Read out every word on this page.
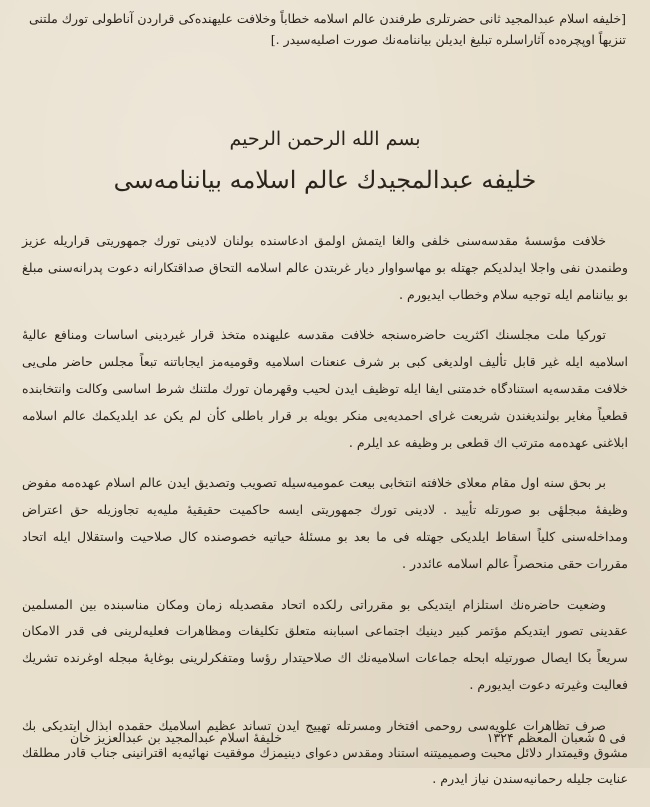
[خلیفه اسلام عبدالمجید ثانی حضرتلری طرفندن عالم اسلامه خطاباً وخلافت علیهنده‌کی قراردن آناطولی تورك ملتنی

تنزیهاً اوپچره‌ده آثاراسلره تبلیغ ایدیلن بیاننامه‌نك صورت اصلیه‌سیدر .]

بسم الله الرحمن الرحیم
خلیفه عبدالمجیدك عالم اسلامه بیاننامه‌سی

خلافت مؤسسهٔ مقدسه‌سنی خلفی والغا ایتمش اولمق ادعاسنده بولنان لادینی تورك جمهوریتی قراریله عزیز وطنمدن نفی واجلا ایدلدیکم جهتله بو مهاسواوار دیار غربتدن عالم اسلامه التحاق صداقتکارانه دعوت پدرانه‌سنی مبلغ بو بیاننامم ایله توجیه سلام وخطاب ایدیورم .

تورکیا ملت مجلسنك اکثریت حاضره‌سنجه خلافت مقدسه علیهنده متخذ قرار غیردینی اساسات ومنافع عالیهٔ اسلامیه ایله غیر قابل تألیف اولدیغی کبی بر شرف عنعنات اسلامیه وقومیه‌مز ایجاباتنه تبعاً مجلس حاضر ملی‌یی خلافت مقدسه‌یه استنادگاه خدمتنی ایفا ایله توظیف ایدن لحیب وقهرمان تورك ملتنك شرط اساسی وکالت وانتخابنده قطعیاً مغایر بولندیغندن شریعت غرای احمدیه‌یی منکر بویله بر قرار باطلی کأن لم یکن عد ایلدیکمك عالم اسلامه ابلاغنی عهده‌مه مترتب اك قطعی بر وظیفه عد ایلرم .

بر بحق سنه اول مقام معلای خلافته انتخابی بیعت عمومیه‌سیله تصویب وتصدیق ایدن عالم اسلام عهده‌مه مفوض وظیفهٔ مبجلهٔی بو صورتله تأیید . لادینی تورك جمهوریتی ایسه حاکمیت حقیقیهٔ ملیه‌یه تجاوزیله حق اعتراض ومداخله‌سنی کلیاً اسقاط ایلدیکی جهتله فی ما بعد بو مسئلهٔ حیاتیه خصوصنده کال صلاحیت واستقلال ایله اتحاد مقررات حقی منحصراً عالم اسلامه عائددر .

وضعیت حاضره‌نك استلزام ایتدیکی بو مقرراتی رلکده اتحاد مقصدیله زمان ومکان مناسبنده بین المسلمین عقدینی تصور ایتدیکم مؤتمر کبیر دینیك اجتماعی اسبابنه متعلق تکلیفات ومظاهرات فعلیه‌لرینی فی قدر الامکان سریعاً بکا ایصال صورتیله ابحله جماعات اسلامیه‌نك اك صلاحیتدار رؤسا ومتفکرلرینی بوغایهٔ مبجله اوغرنده تشریك فعالیت وغیرته دعوت ایدیورم .

صرف تظاهرات علویه‌سی روحمی افتخار ومسرتله تهییج ایدن تساند عظیم اسلامیك حقمده ابذال ایتدیکی بك مشوق وقیمتدار دلائل محبت وصمیمیتنه استناد ومقدس دعوای دینیمزك موفقیت نهائیه‌یه اقترانینی جناب قادر مطلقك عنایت جلیله رحمانیه‌سندن نیاز ایدرم .

فی ۵ شعبان المعظم ۱۳۲۴
خلیفهٔ اسلام عبدالمجید بن عبدالعزیز خان
